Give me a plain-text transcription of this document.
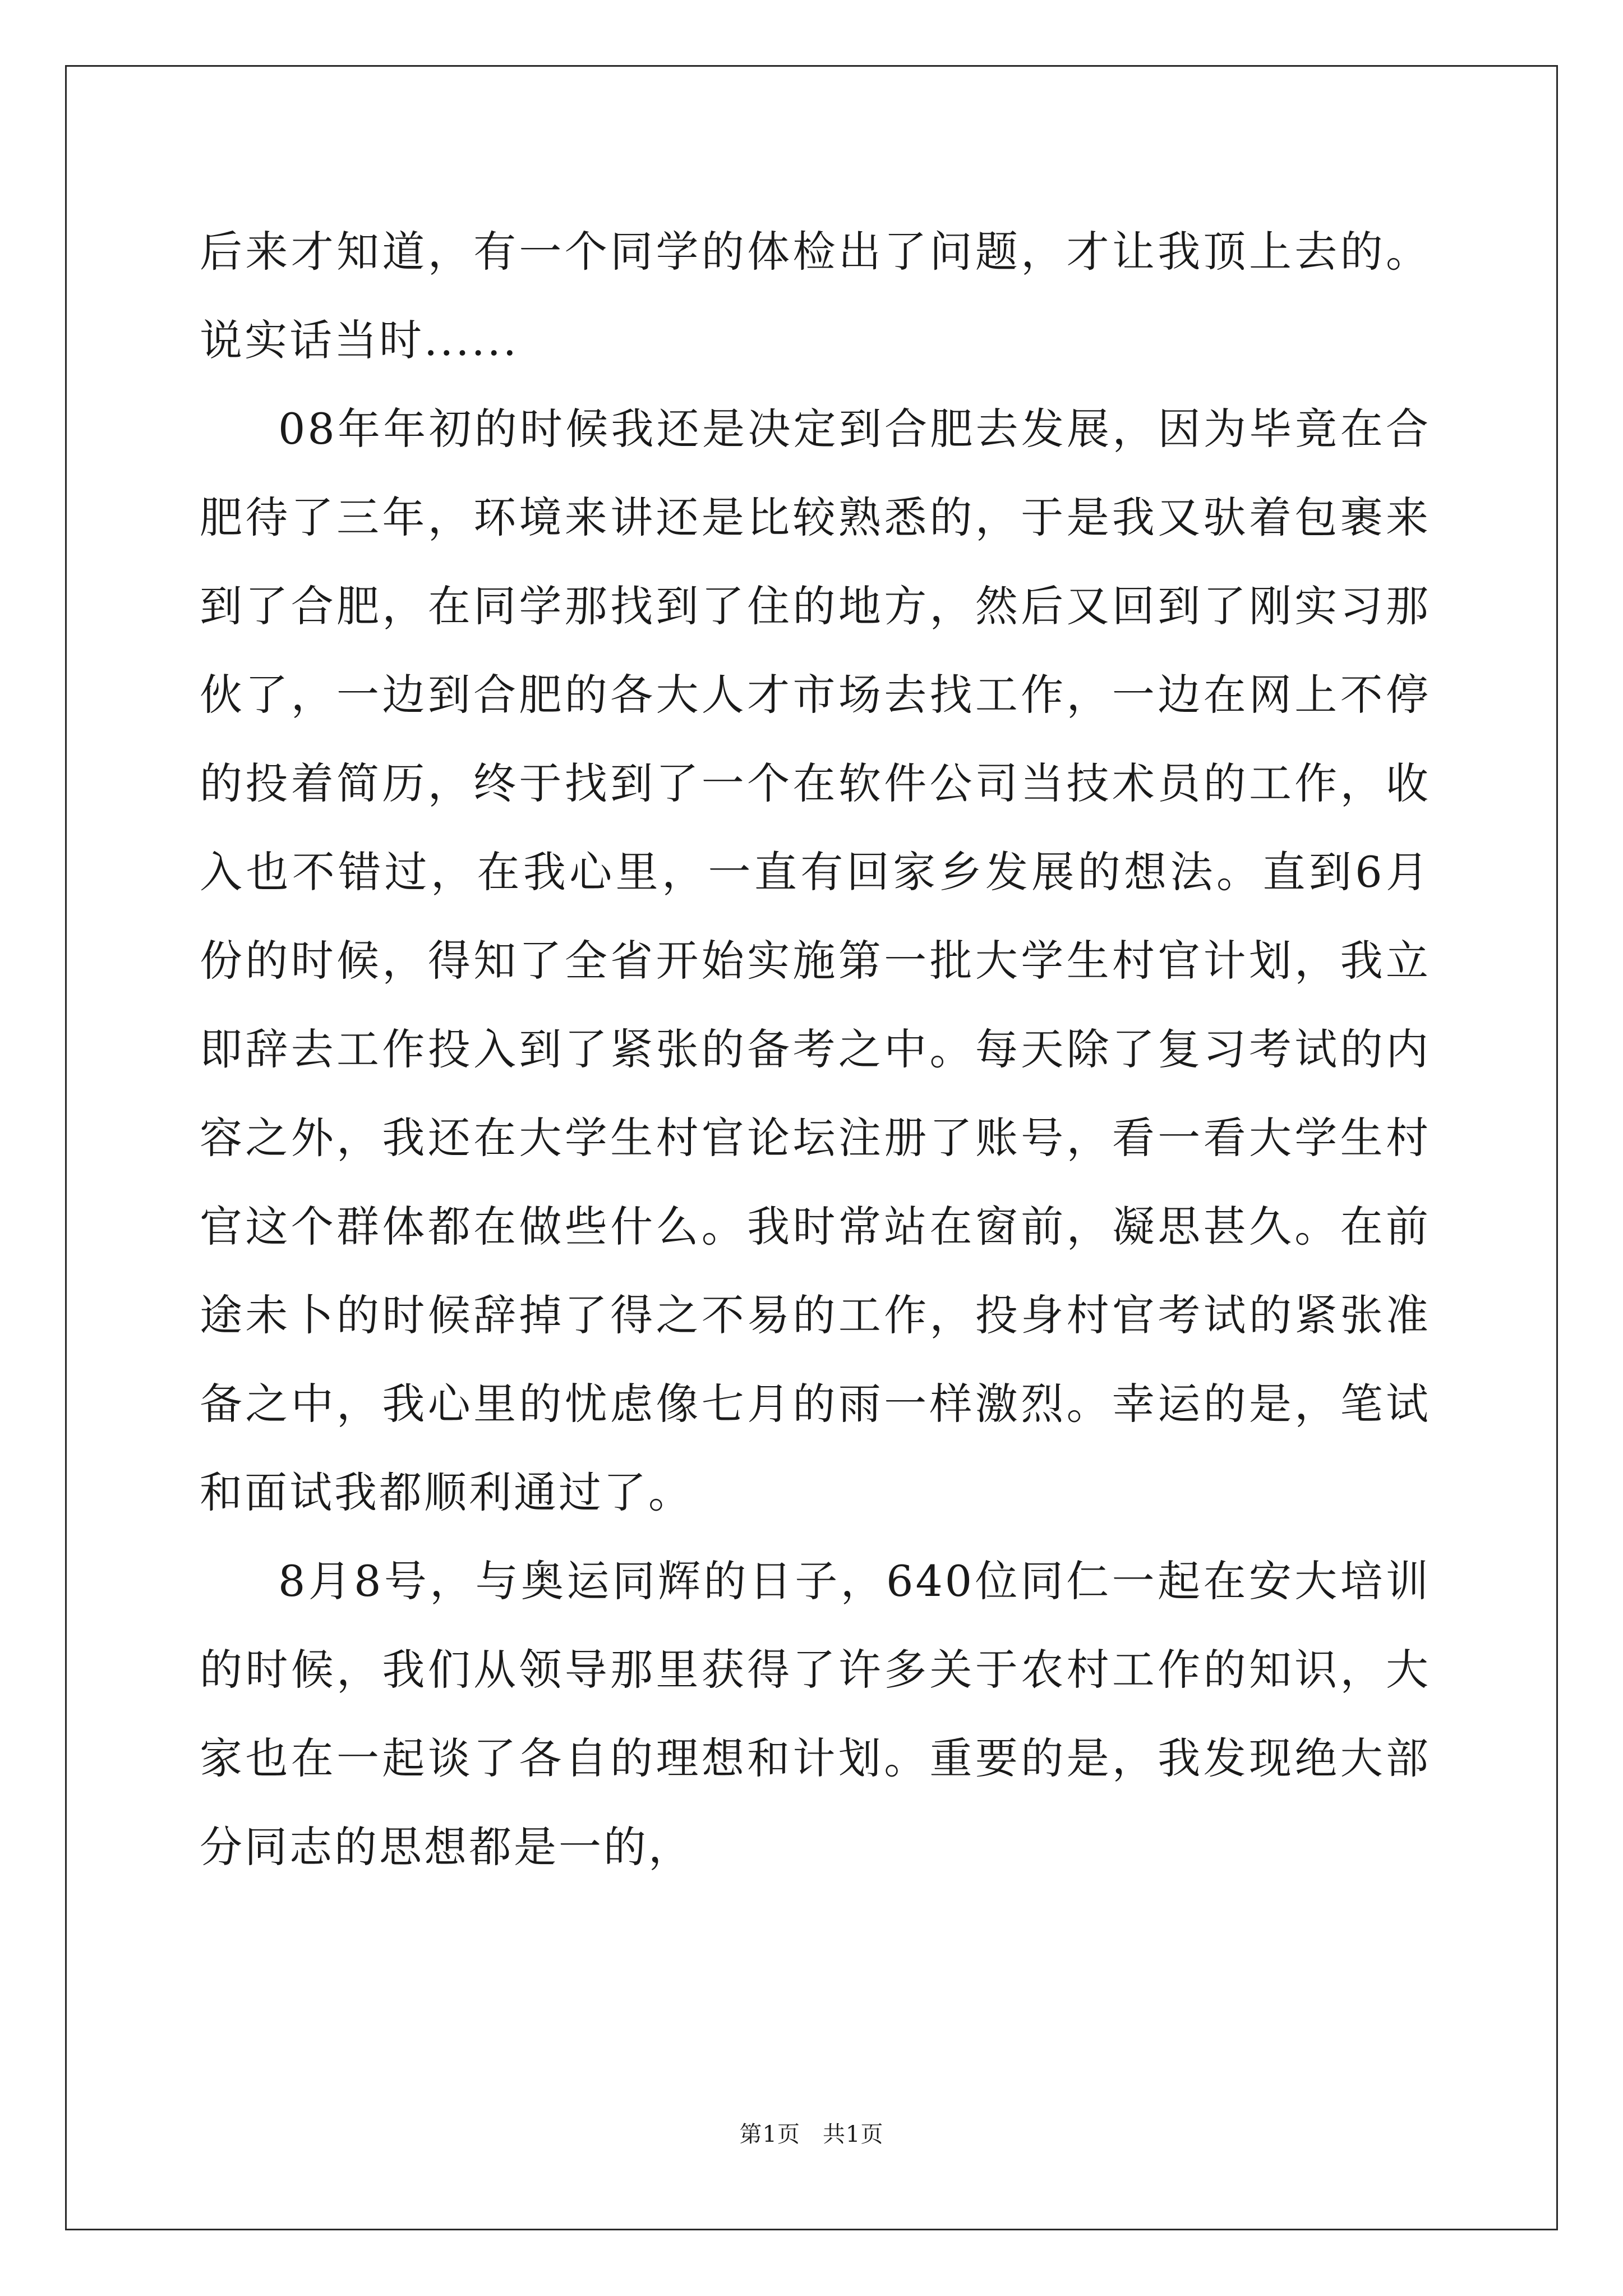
后来才知道，有一个同学的体检出了问题，才让我顶上去的。说实话当时......

08年年初的时候我还是决定到合肥去发展，因为毕竟在合肥待了三年，环境来讲还是比较熟悉的，于是我又驮着包裹来到了合肥，在同学那找到了住的地方，然后又回到了刚实习那伙了，一边到合肥的各大人才市场去找工作，一边在网上不停的投着简历，终于找到了一个在软件公司当技术员的工作，收入也不错过，在我心里，一直有回家乡发展的想法。直到6月份的时候，得知了全省开始实施第一批大学生村官计划，我立即辞去工作投入到了紧张的备考之中。每天除了复习考试的内容之外，我还在大学生村官论坛注册了账号，看一看大学生村官这个群体都在做些什么。我时常站在窗前，凝思甚久。在前途未卜的时候辞掉了得之不易的工作，投身村官考试的紧张准备之中，我心里的忧虑像七月的雨一样激烈。幸运的是，笔试和面试我都顺利通过了。

8月8号，与奥运同辉的日子，640位同仁一起在安大培训的时候，我们从领导那里获得了许多关于农村工作的知识，大家也在一起谈了各自的理想和计划。重要的是，我发现绝大部分同志的思想都是一的，

第1页 共1页
